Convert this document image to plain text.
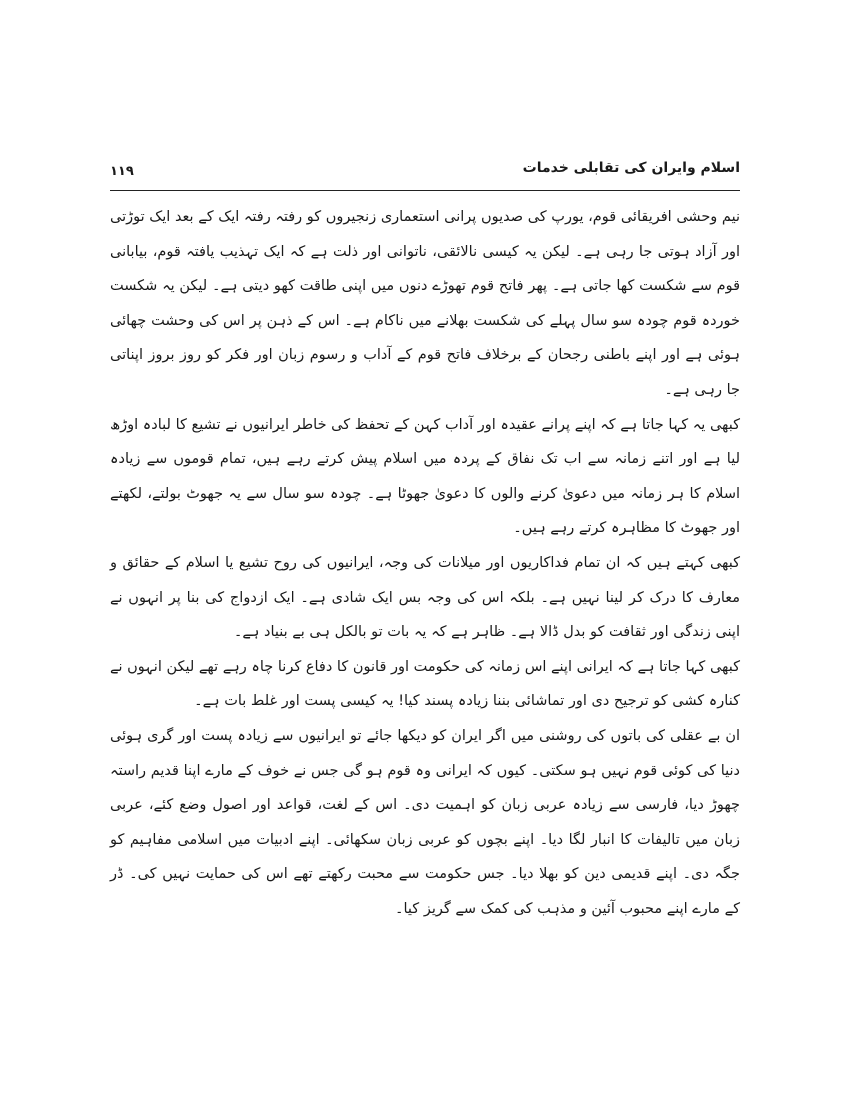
۱۱۹	اسلام وایران کی تقابلی خدمات

نیم وحشی افریقائی قوم، یورپ کی صدیوں پرانی استعماری زنجیروں کو رفتہ رفتہ ایک کے بعد ایک توڑتی اور آزاد ہوتی جا رہی ہے۔ لیکن یہ کیسی نالائقی، ناتوانی اور ذلت ہے کہ ایک تہذیب یافتہ قوم، بیابانی قوم سے شکست کھا جاتی ہے۔ پھر فاتح قوم تھوڑے دنوں میں اپنی طاقت کھو دیتی ہے۔ لیکن یہ شکست خوردہ قوم چودہ سو سال پہلے کی شکست بھلانے میں ناکام ہے۔ اس کے ذہن پر اس کی وحشت چھائی ہوئی ہے اور اپنے باطنی رجحان کے برخلاف فاتح قوم کے آداب و رسوم زبان اور فکر کو روز بروز اپناتی جا رہی ہے۔

کبھی یہ کہا جاتا ہے کہ اپنے پرانے عقیدہ اور آداب کہن کے تحفظ کی خاطر ایرانیوں نے تشیع کا لبادہ اوڑھ لیا ہے اور اتنے زمانہ سے اب تک نفاق کے پردہ میں اسلام پیش کرتے رہے ہیں، تمام قوموں سے زیادہ اسلام کا ہر زمانہ میں دعویٰ کرنے والوں کا دعویٰ جھوٹا ہے۔ چودہ سو سال سے یہ جھوٹ بولتے، لکھتے اور جھوٹ کا مظاہرہ کرتے رہے ہیں۔

کبھی کہتے ہیں کہ ان تمام فداکاریوں اور میلانات کی وجہ، ایرانیوں کی روح تشیع یا اسلام کے حقائق و معارف کا درک کر لینا نہیں ہے۔ بلکہ اس کی وجہ بس ایک شادی ہے۔ ایک ازدواج کی بنا پر انہوں نے اپنی زندگی اور ثقافت کو بدل ڈالا ہے۔ ظاہر ہے کہ یہ بات تو بالکل ہی بے بنیاد ہے۔

کبھی کہا جاتا ہے کہ ایرانی اپنے اس زمانہ کی حکومت اور قانون کا دفاع کرنا چاہ رہے تھے لیکن انہوں نے کنارہ کشی کو ترجیح دی اور تماشائی بننا زیادہ پسند کیا! یہ کیسی پست اور غلط بات ہے۔

ان بے عقلی کی باتوں کی روشنی میں اگر ایران کو دیکھا جائے تو ایرانیوں سے زیادہ پست اور گری ہوئی دنیا کی کوئی قوم نہیں ہو سکتی۔ کیوں کہ ایرانی وہ قوم ہو گی جس نے خوف کے مارے اپنا قدیم راستہ چھوڑ دیا، فارسی سے زیادہ عربی زبان کو اہمیت دی۔ اس کے لغت، قواعد اور اصول وضع کئے، عربی زبان میں تالیفات کا انبار لگا دیا۔ اپنے بچوں کو عربی زبان سکھائی۔ اپنے ادبیات میں اسلامی مفاہیم کو جگہ دی۔ اپنے قدیمی دین کو بھلا دیا۔ جس حکومت سے محبت رکھتے تھے اس کی حمایت نہیں کی۔ ڈر کے مارے اپنے محبوب آئین و مذہب کی کمک سے گریز کیا۔
